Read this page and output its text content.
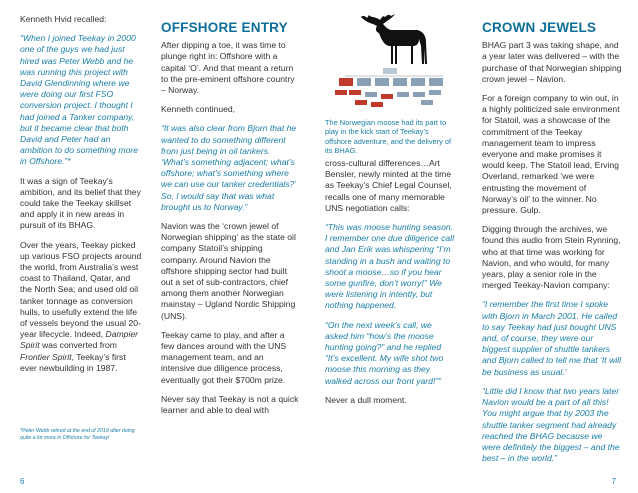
Kenneth Hvid recalled:

“When I joined Teekay in 2000 one of the guys we had just hired was Peter Webb and he was running this project with David Glendinning where we were doing our first FSO conversion project. I thought I had joined a Tanker company, but it became clear that both David and Peter had an ambition to do something more in Offshore.”*

It was a sign of Teekay’s ambition, and its belief that they could take the Teekay skillset and apply it in new areas in pursuit of its BHAG.

Over the years, Teekay picked up various FSO projects around the world, from Australia’s west coast to Thailand, Qatar, and the North Sea; and used old oil tanker tonnage as conversion hulls, to usefully extend the life of vessels beyond the usual 20-year lifecycle. Indeed, Dampier Spirit was converted from Frontier Spirit, Teekay’s first ever newbuilding in 1987.

*Peter Webb retired at the end of 2019 after doing quite a lot more in Offshore for Teekay!
6
OFFSHORE ENTRY

After dipping a toe, it was time to plunge right in: Offshore with a capital ‘O’. And that meant a return to the pre-eminent offshore country – Norway.

Kenneth continued,

“It was also clear from Bjorn that he wanted to do something different from just being in oil tankers. ‘What’s something adjacent; what’s offshore; what’s something where we can use our tanker credentials?’ So, I would say that was what brought us to Norway.”

Navion was the ‘crown jewel of Norwegian shipping’ as the state oil company Statoil’s shipping company. Around Navion the offshore shipping sector had built out a set of sub-contractors, chief among them another Norwegian mainstay – Ugland Nordic Shipping (UNS).

Teekay came to play, and after a few dances around with the UNS management team, and an intensive due diligence process, eventually got their $700m prize.

Never say that Teekay is not a quick learner and able to deal with

The Norwegian moose had its part to play in the kick start of Teekay’s offshore adventure, and the delivery of its BHAG.

cross-cultural differences…Art Bensler, newly minted at the time as Teekay’s Chief Legal Counsel, recalls one of many memorable UNS negotiation calls:

“This was moose hunting season. I remember one due diligence call and Jan Erik was whispering “I’m standing in a bush and waiting to shoot a moose…so if you hear some gunfire, don’t worry!” We were listening in intently, but nothing happened.

“On the next week’s call, we asked him “how’s the moose hunting going?” and he replied “It’s excellent. My wife shot two moose this morning as they walked across our front yard!””

Never a dull moment.

CROWN JEWELS

BHAG part 3 was taking shape, and a year later was delivered – with the purchase of that Norwegian shipping crown jewel – Navion.

For a foreign company to win out, in a highly politicized sale environment for Statoil, was a showcase of the commitment of the Teekay management team to impress everyone and make promises it would keep. The Statoil lead, Erving Overland, remarked ‘we were entrusting the movement of Norway’s oil’ to the winner. No pressure. Gulp.

Digging through the archives, we found this audio from Stein Rynning, who at that time was working for Navion, and who would, for many years, play a senior role in the merged Teekay-Navion company:

“I remember the first time I spoke with Bjorn in March 2001. He called to say Teekay had just bought UNS and, of course, they were our biggest supplier of shuttle tankers and Bjorn called to tell me that ‘It will be business as usual.’

“Little did I know that two years later Navion would be a part of all this! You might argue that by 2003 the shuttle tanker segment had already reached the BHAG because we were definitely the biggest – and the best – in the world.”

7
